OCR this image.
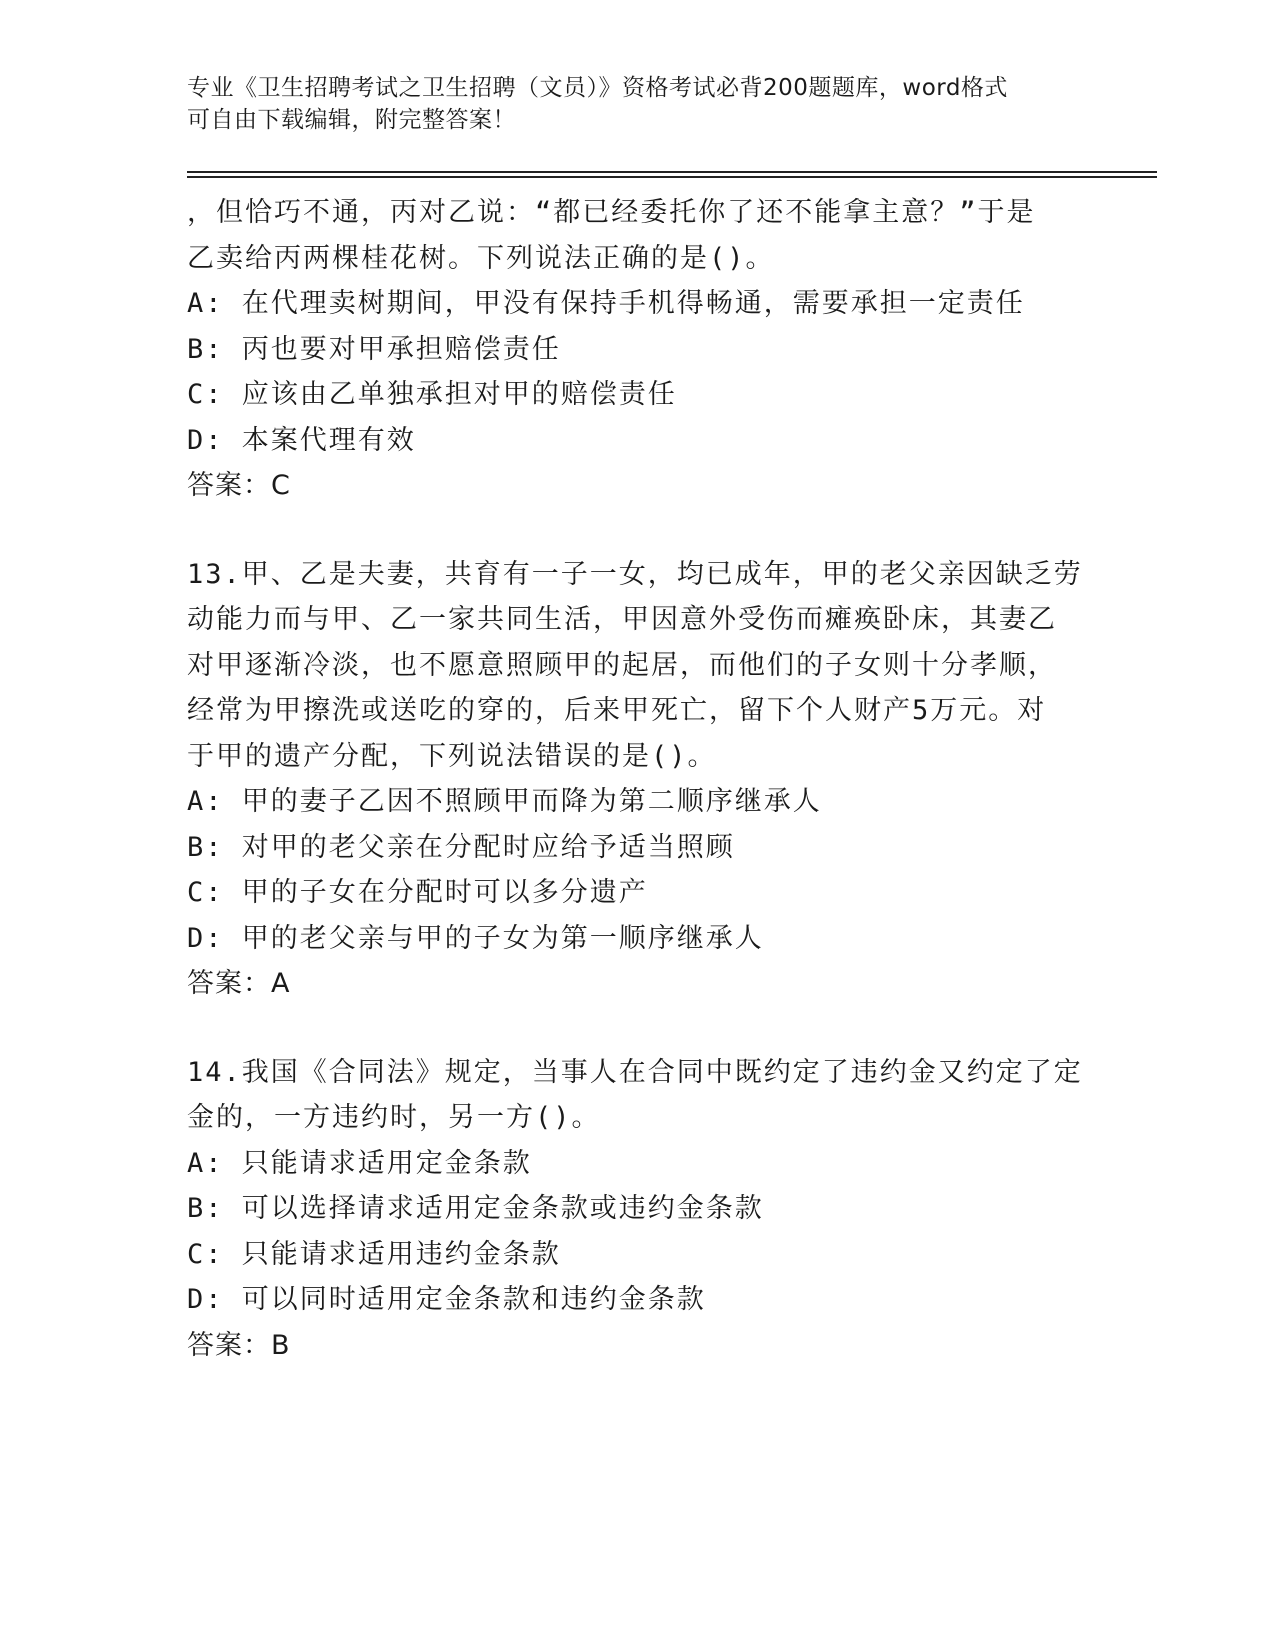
专业《卫生招聘考试之卫生招聘（文员）》资格考试必背200题题库，word格式
可自由下载编辑，附完整答案！
，但恰巧不通，丙对乙说：“都已经委托你了还不能拿主意？”于是
乙卖给丙两棵桂花树。下列说法正确的是()。
A: 在代理卖树期间，甲没有保持手机得畅通，需要承担一定责任
B: 丙也要对甲承担赔偿责任
C: 应该由乙单独承担对甲的赔偿责任
D: 本案代理有效
答案：C
13.甲、乙是夫妻，共育有一子一女，均已成年，甲的老父亲因缺乏劳
动能力而与甲、乙一家共同生活，甲因意外受伤而瘫痪卧床，其妻乙
对甲逐渐冷淡，也不愿意照顾甲的起居，而他们的子女则十分孝顺，
经常为甲擦洗或送吃的穿的，后来甲死亡，留下个人财产5万元。对
于甲的遗产分配，下列说法错误的是()。
A: 甲的妻子乙因不照顾甲而降为第二顺序继承人
B: 对甲的老父亲在分配时应给予适当照顾
C: 甲的子女在分配时可以多分遗产
D: 甲的老父亲与甲的子女为第一顺序继承人
答案：A
14.我国《合同法》规定，当事人在合同中既约定了违约金又约定了定
金的，一方违约时，另一方()。
A: 只能请求适用定金条款
B: 可以选择请求适用定金条款或违约金条款
C: 只能请求适用违约金条款
D: 可以同时适用定金条款和违约金条款
答案：B
